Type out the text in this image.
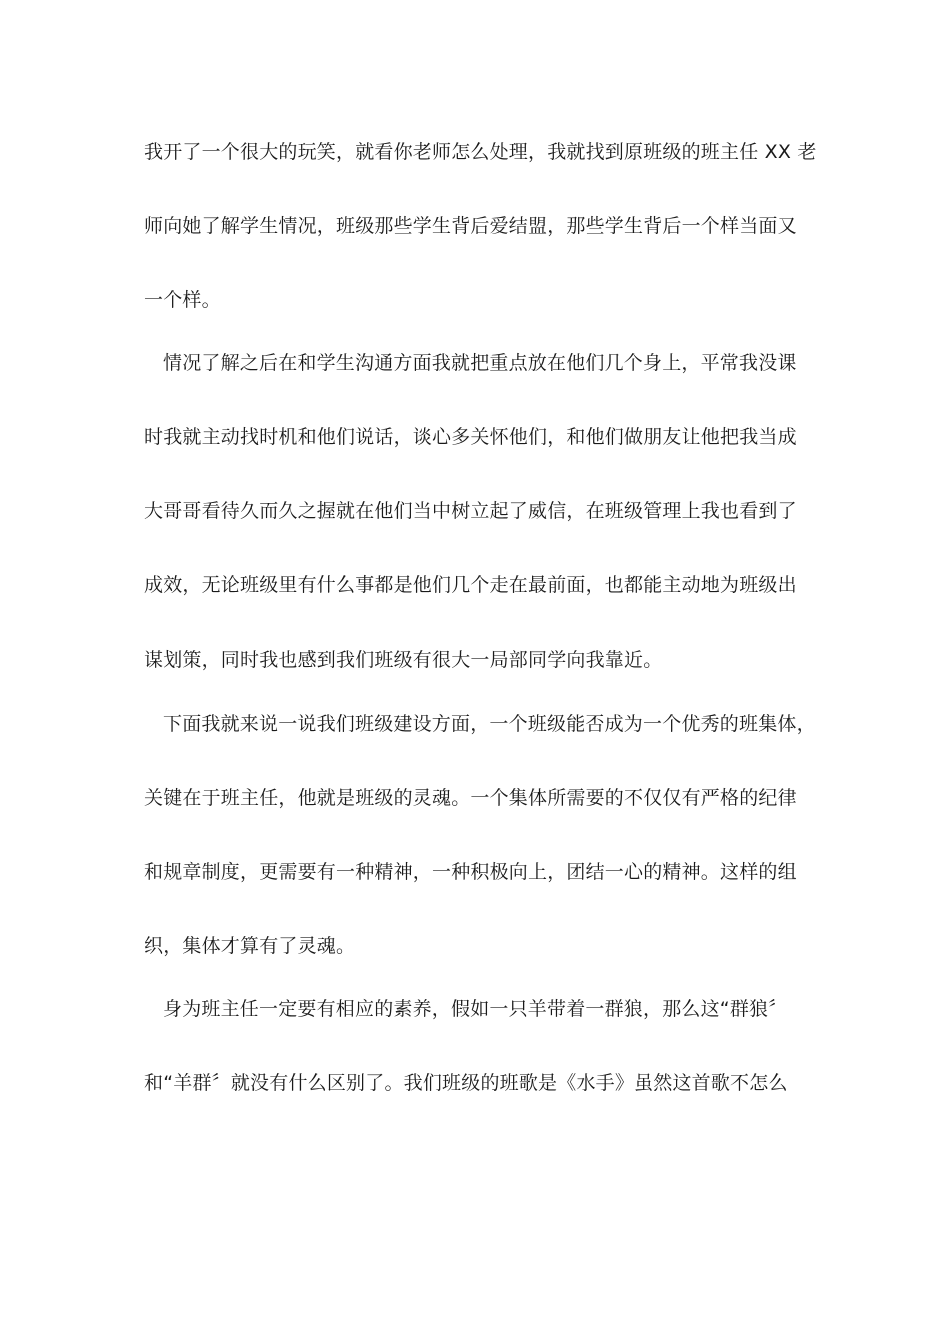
我开了一个很大的玩笑，就看你老师怎么处理，我就找到原班级的班主任 XX 老
师向她了解学生情况，班级那些学生背后爱结盟，那些学生背后一个样当面又
一个样。
情况了解之后在和学生沟通方面我就把重点放在他们几个身上，平常我没课
时我就主动找时机和他们说话，谈心多关怀他们，和他们做朋友让他把我当成
大哥哥看待久而久之握就在他们当中树立起了威信，在班级管理上我也看到了
成效，无论班级里有什么事都是他们几个走在最前面，也都能主动地为班级出
谋划策，同时我也感到我们班级有很大一局部同学向我靠近。
下面我就来说一说我们班级建设方面，一个班级能否成为一个优秀的班集体，
关键在于班主任，他就是班级的灵魂。一个集体所需要的不仅仅有严格的纪律
和规章制度，更需要有一种精神，一种积极向上，团结一心的精神。这样的组
织，集体才算有了灵魂。
身为班主任一定要有相应的素养，假如一只羊带着一群狼，那么这“群狼〞
和“羊群〞就没有什么区别了。我们班级的班歌是《水手》虽然这首歌不怎么
